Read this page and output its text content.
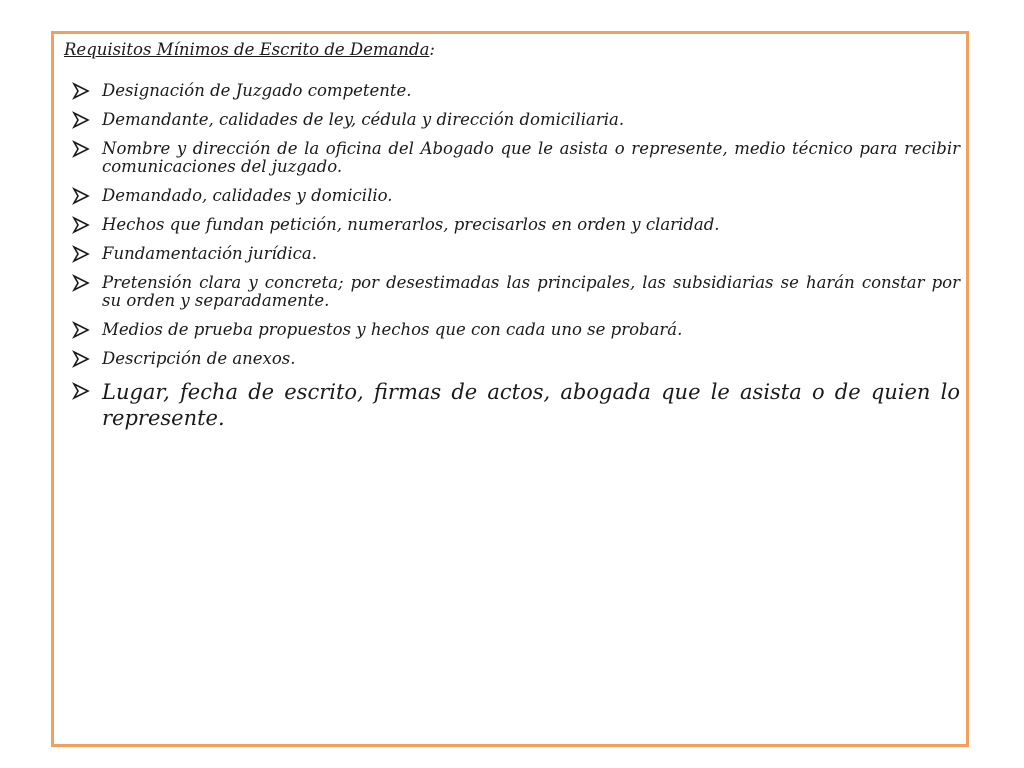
Requisitos Mínimos de Escrito de Demanda:
Designación de Juzgado competente.
Demandante, calidades de ley, cédula y dirección domiciliaria.
Nombre y dirección de la oficina del Abogado que le asista o represente, medio técnico para recibir comunicaciones del juzgado.
Demandado, calidades y domicilio.
Hechos que fundan petición, numerarlos, precisarlos en orden y claridad.
Fundamentación jurídica.
Pretensión clara y concreta; por desestimadas las principales, las subsidiarias se harán constar por su orden y separadamente.
Medios de prueba propuestos y hechos que con cada uno se probará.
Descripción de anexos.
Lugar, fecha de escrito, firmas de actos, abogada que le asista o de quien lo represente.
